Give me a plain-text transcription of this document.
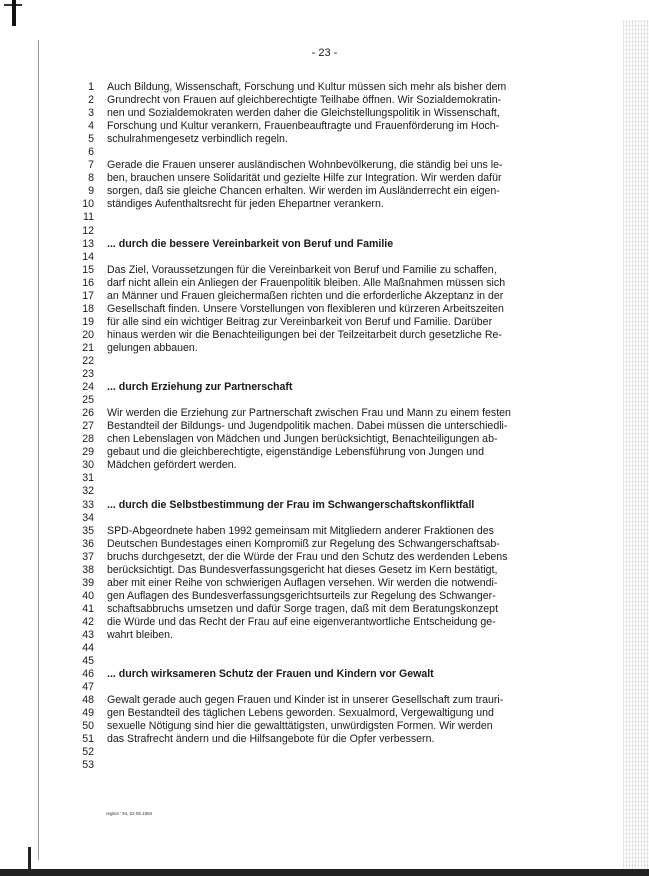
- 23 -
1 Auch Bildung, Wissenschaft, Forschung und Kultur müssen sich mehr als bisher dem
2 Grundrecht von Frauen auf gleichberechtigte Teilhabe öffnen. Wir Sozialdemokratin-
3 nen und Sozialdemokraten werden daher die Gleichstellungspolitik in Wissenschaft,
4 Forschung und Kultur verankern, Frauenbeauftragte und Frauenförderung im Hoch-
5 schulrahmengesetz verbindlich regeln.
6
7 Gerade die Frauen unserer ausländischen Wohnbevölkerung, die ständig bei uns le-
8 ben, brauchen unsere Solidarität und gezielte Hilfe zur Integration. Wir werden dafür
9 sorgen, daß sie gleiche Chancen erhalten. Wir werden im Ausländerrecht ein eigen-
10 ständiges Aufenthaltsrecht für jeden Ehepartner verankern.
11
12
13 ... durch die bessere Vereinbarkeit von Beruf und Familie
14
15 Das Ziel, Voraussetzungen für die Vereinbarkeit von Beruf und Familie zu schaffen,
16 darf nicht allein ein Anliegen der Frauenpolitik bleiben. Alle Maßnahmen müssen sich
17 an Männer und Frauen gleichermaßen richten und die erforderliche Akzeptanz in der
18 Gesellschaft finden. Unsere Vorstellungen von flexibleren und kürzeren Arbeitszeiten
19 für alle sind ein wichtiger Beitrag zur Vereinbarkeit von Beruf und Familie. Darüber
20 hinaus werden wir die Benachteiligungen bei der Teilzeitarbeit durch gesetzliche Re-
21 gelungen abbauen.
22
23
24 ... durch Erziehung zur Partnerschaft
25
26 Wir werden die Erziehung zur Partnerschaft zwischen Frau und Mann zu einem festen
27 Bestandteil der Bildungs- und Jugendpolitik machen. Dabei müssen die unterschiedli-
28 chen Lebenslagen von Mädchen und Jungen berücksichtigt, Benachteiligungen ab-
29 gebaut und die gleichberechtigte, eigenständige Lebensführung von Jungen und
30 Mädchen gefördert werden.
31
32
33 ... durch die Selbstbestimmung der Frau im Schwangerschaftskonfliktfall
34
35 SPD-Abgeordnete haben 1992 gemeinsam mit Mitgliedern anderer Fraktionen des
36 Deutschen Bundestages einen Kompromiß zur Regelung des Schwangerschaftsab-
37 bruchs durchgesetzt, der die Würde der Frau und den Schutz des werdenden Lebens
38 berücksichtigt. Das Bundesverfassungsgericht hat dieses Gesetz im Kern bestätigt,
39 aber mit einer Reihe von schwierigen Auflagen versehen. Wir werden die notwendi-
40 gen Auflagen des Bundesverfassungsgerichtsurteils zur Regelung des Schwanger-
41 schaftsabbruchs umsetzen und dafür Sorge tragen, daß mit dem Beratungskonzept
42 die Würde und das Recht der Frau auf eine eigenverantwortliche Entscheidung ge-
43 wahrt bleiben.
44
45
46 ... durch wirksameren Schutz der Frauen und Kindern vor Gewalt
47
48 Gewalt gerade auch gegen Frauen und Kinder ist in unserer Gesellschaft zum trauri-
49 gen Bestandteil des täglichen Lebens geworden. Sexualmord, Vergewaltigung und
50 sexuelle Nötigung sind hier die gewalttätigsten, unwürdigsten Formen. Wir werden
51 das Strafrecht ändern und die Hilfsangebote für die Opfer verbessern.
52
53
regbot ' 94, 02.05.1994
